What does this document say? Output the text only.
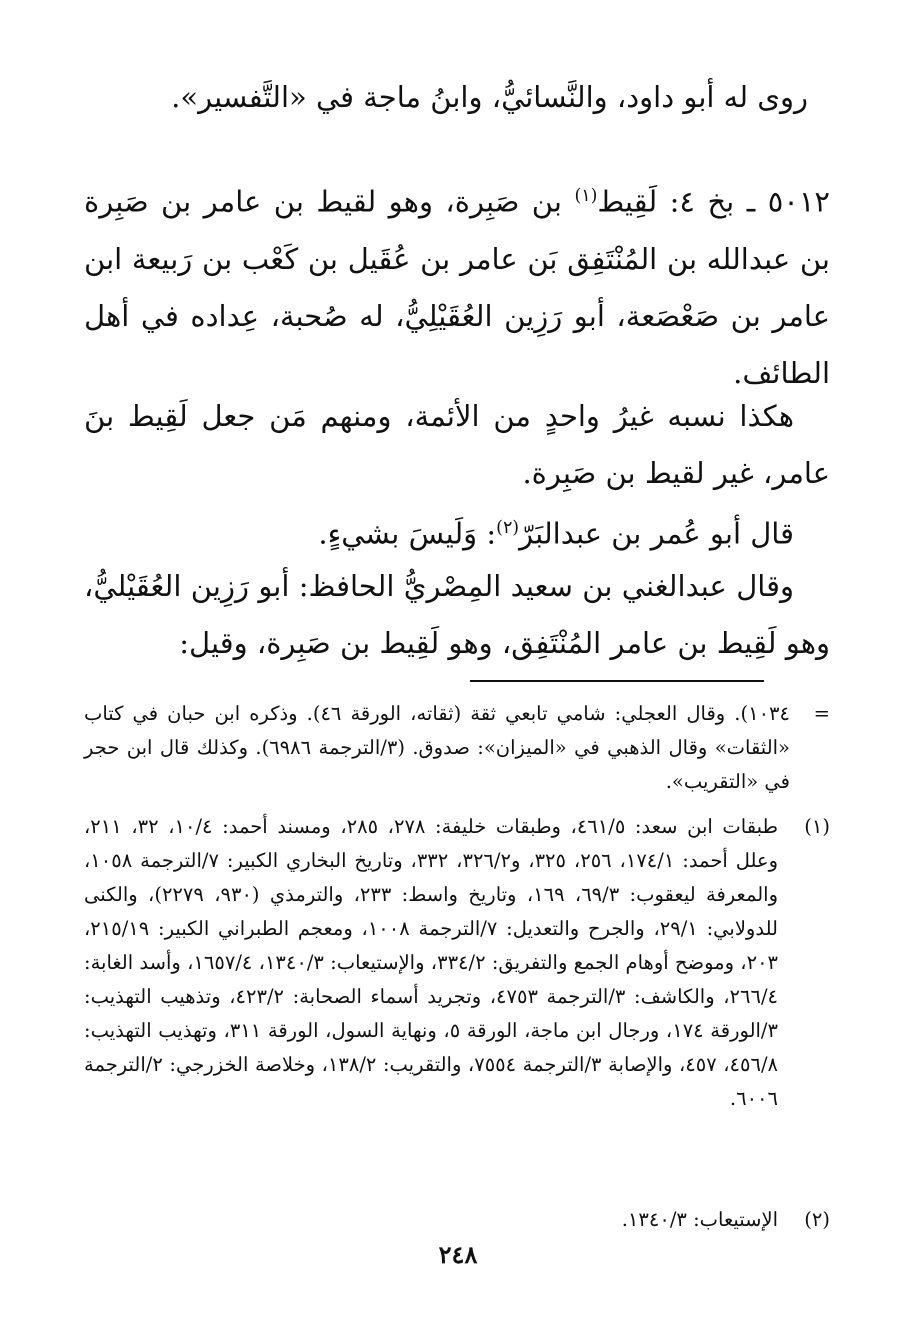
روى له أبو داود، والنَّسائيُّ، وابنُ ماجة في «التَّفسير».

٥٠١٢ ـ بخ ٤: لَقِيط$^{(١)}$ بن صَبِرة، وهو لقيط بن عامر بن صَبِرة بن عبدالله بن المُنْتَفِق بَن عامر بن عُقَيل بن كَعْب بن رَبيعة ابن عامر بن صَعْصَعة، أبو رَزِين العُقَيْلِيُّ، له صُحبة، عِداده في أهل الطائف.

هكذا نسبه غيرُ واحدٍ من الأئمة، ومنهم مَن جعل لَقِيط بنَ عامر، غير لقيط بن صَبِرة.

قال أبو عُمر بن عبدالبَرّ$^{(٢)}$: وَلَيسَ بشيءٍ.

وقال عبدالغني بن سعيد المِصْريُّ الحافظ: أبو رَزِين العُقَيْليُّ، وهو لَقِيط بن عامر المُنْتَفِق، وهو لَقِيط بن صَبِرة، وقيل:

=
١٠٣٤). وقال العجلي: شامي تابعي ثقة (ثقاته، الورقة ٤٦). وذكره ابن حبان في كتاب «الثقات» وقال الذهبي في «الميزان»: صدوق. (٣/الترجمة ٦٩٨٦). وكذلك قال ابن حجر في «التقريب».
(١)
طبقات ابن سعد: ٤٦١/٥، وطبقات خليفة: ٢٧٨، ٢٨٥، ومسند أحمد: ١٠/٤، ٣٢، ٢١١، وعلل أحمد: ١٧٤/١، ٢٥٦، ٣٢٥، و٣٢٦/٢، ٣٣٢، وتاريخ البخاري الكبير: ٧/الترجمة ١٠٥٨، والمعرفة ليعقوب: ٦٩/٣، ١٦٩، وتاريخ واسط: ٢٣٣، والترمذي (٩٣٠، ٢٢٧٩)، والكنى للدولابي: ٢٩/١، والجرح والتعديل: ٧/الترجمة ١٠٠٨، ومعجم الطبراني الكبير: ٢١٥/١٩، ٢٠٣، وموضح أوهام الجمع والتفريق: ٣٣٤/٢، والإستيعاب: ١٣٤٠/٣، ١٦٥٧/٤، وأسد الغابة: ٢٦٦/٤، والكاشف: ٣/الترجمة ٤٧٥٣، وتجريد أسماء الصحابة: ٤٢٣/٢، وتذهيب التهذيب: ٣/الورقة ١٧٤، ورجال ابن ماجة، الورقة ٥، ونهاية السول، الورقة ٣١١، وتهذيب التهذيب: ٤٥٦/٨، ٤٥٧، والإصابة ٣/الترجمة ٧٥٥٤، والتقريب: ١٣٨/٢، وخلاصة الخزرجي: ٢/الترجمة ٦٠٠٦.
(٢)
الإستيعاب: ١٣٤٠/٣.
٢٤٨
